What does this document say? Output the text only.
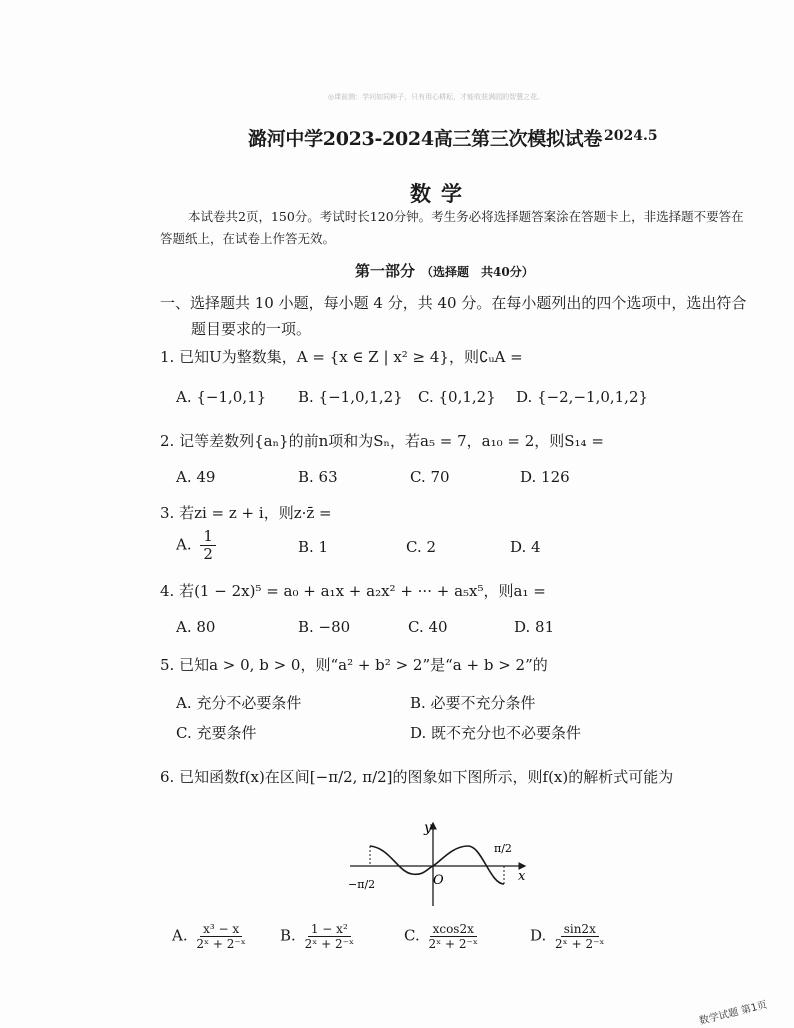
◎课前测：学问如同种子，只有用心耕耘，才能收获满园的智慧之花。
潞河中学2023-2024高三第三次模拟试卷 2024.5
数学
本试卷共2页，150分。考试时长120分钟。考生务必将选择题答案涂在答题卡上，非选择题不要答在答题纸上，在试卷上作答无效。
第一部分 （选择题　共40分）
一、选择题共 10 小题，每小题 4 分，共 40 分。在每小题列出的四个选项中，选出符合题目要求的一项。
1. 已知U为整数集，A = {x ∈ Z | x² ≥ 4}，则∁ᵤA =
A. {−1,0,1} B. {−1,0,1,2} C. {0,1,2} D. {−2,−1,0,1,2}
2. 记等差数列{aₙ}的前n项和为Sₙ，若a₅ = 7，a₁₀ = 2，则S₁₄ =
A. 49	B. 63	C. 70	D. 126
3. 若zi = z + i，则z·z̄ =
A. $\frac{1}{2}$	B. 1	C. 2	D. 4
4. 若(1 − 2x)⁵ = a₀ + a₁x + a₂x² + ··· + a₅x⁵，则a₁ =
A. 80	B. −80	C. 40	D. 81
5. 已知a > 0, b > 0，则“a² + b² > 2”是“a + b > 2”的
A. 充分不必要条件	B. 必要不充分条件
C. 充要条件	D. 既不充分也不必要条件
6. 已知函数f(x)在区间[−π/2, π/2]的图象如下图所示，则f(x)的解析式可能为
y
x
O
−π/2
π/2
A. $\frac{\text{x³ − x}}{\text{2ˣ + 2⁻ˣ}} B$. $\frac{\text{1 − x²}}{\text{2ˣ + 2⁻ˣ}}$	C. $\frac{xcos2x}{\text{2ˣ + 2⁻ˣ}}$	D. $\frac{\sin 2x}{\text{2ˣ + 2⁻ˣ}}$
数学试题 第1页
